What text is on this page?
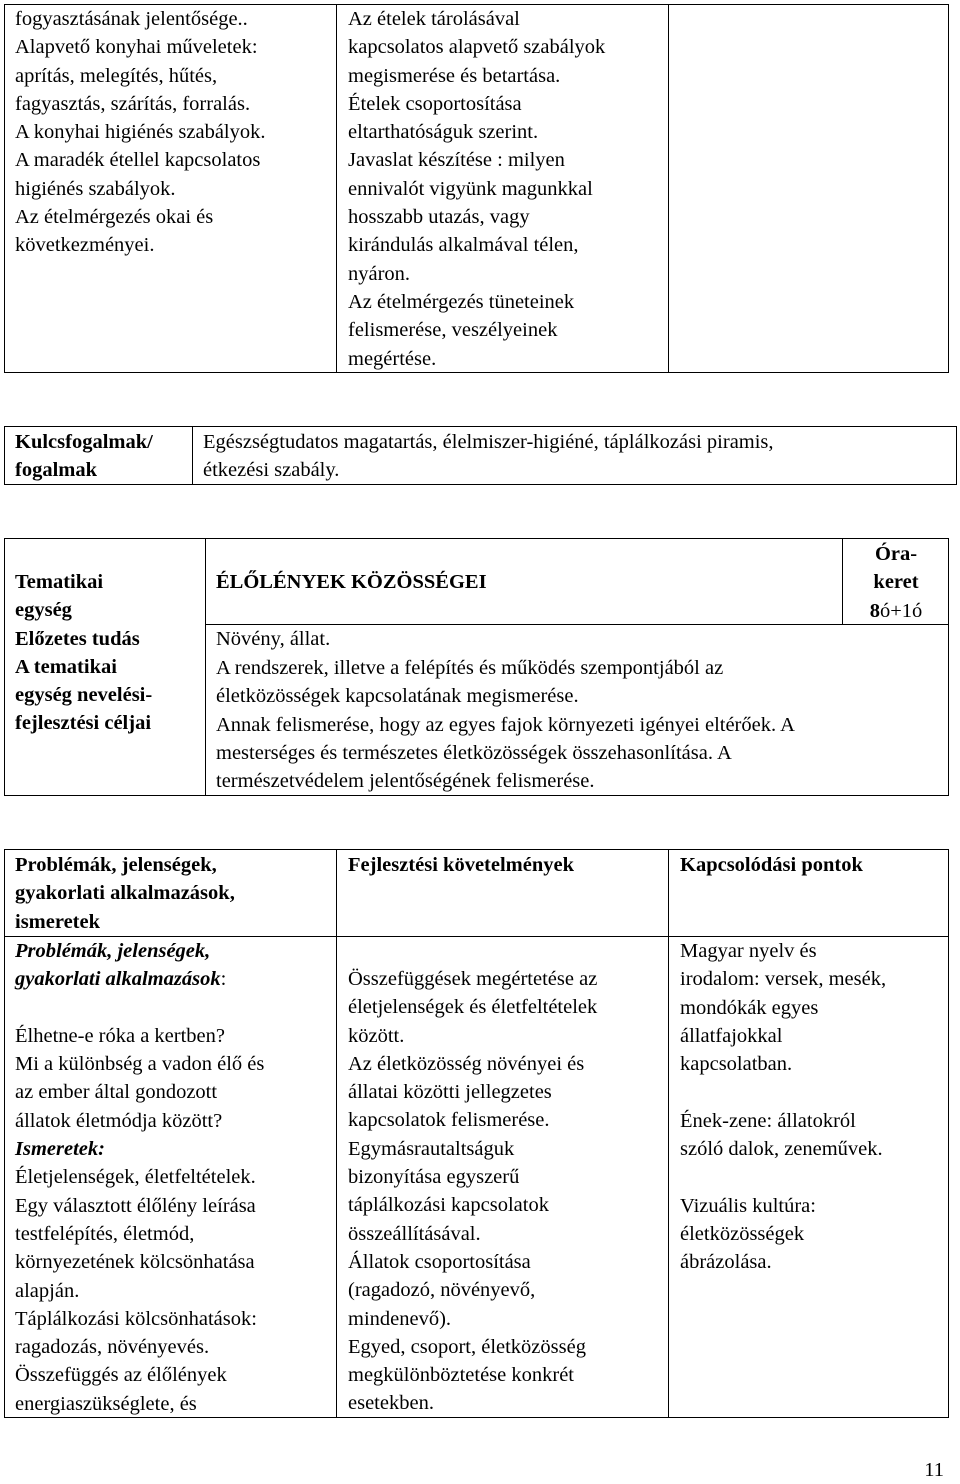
fogyasztásának jelentősége..
Alapvető konyhai műveletek:
aprítás, melegítés, hűtés,
fagyasztás, szárítás, forralás.
A konyhai higiénés szabályok.
A maradék étellel kapcsolatos
higiénés szabályok.
Az ételmérgezés okai és
következményei.
Az ételek tárolásával
kapcsolatos alapvető szabályok
megismerése és betartása.
Ételek csoportosítása
eltarthatóságuk szerint.
Javaslat készítése : milyen
ennivalót vigyünk magunkkal
hosszabb utazás, vagy
kirándulás alkalmával télen,
nyáron.
Az ételmérgezés tüneteinek
felismerése, veszélyeinek
megértése.
Kulcsfogalmak/
fogalmak
Egészségtudatos magatartás, élelmiszer-higiéné, táplálkozási piramis,
étkezési szabály.
Tematikai
egység
Előzetes tudás
A tematikai
egység nevelési-
fejlesztési céljai
ÉLŐLÉNYEK KÖZÖSSÉGEI
Óra-
keret
8ó+1ó
Növény, állat.
A rendszerek, illetve a felépítés és működés szempontjából az
életközösségek kapcsolatának megismerése.
Annak felismerése, hogy az egyes fajok környezeti igényei eltérőek. A
mesterséges és természetes életközösségek összehasonlítása. A
természetvédelem jelentőségének felismerése.
Problémák, jelenségek,
gyakorlati alkalmazások,
ismeretek
Fejlesztési követelmények	Kapcsolódási pontok
Problémák, jelenségek,
gyakorlati alkalmazások:
Élhetne-e róka a kertben?
Mi a különbség a vadon élő és
az ember által gondozott
állatok életmódja között?
Ismeretek:
Életjelenségek, életfeltételek.
Egy választott élőlény leírása
testfelépítés, életmód,
környezetének kölcsönhatása
alapján.
Táplálkozási kölcsönhatások:
ragadozás, növényevés.
Összefüggés az élőlények
energiaszükséglete, és
Összefüggések megértetése az
életjelenségek és életfeltételek
között.
Az életközösség növényei és
állatai közötti jellegzetes
kapcsolatok felismerése.
Egymásrautaltságuk
bizonyítása egyszerű
táplálkozási kapcsolatok
összeállításával.
Állatok csoportosítása
(ragadozó, növényevő,
mindenevő).
Egyed, csoport, életközösség
megkülönböztetése konkrét
esetekben.
Magyar nyelv és
irodalom: versek, mesék,
mondókák egyes
állatfajokkal
kapcsolatban.
Ének-zene: állatokról
szóló dalok, zeneművek.
Vizuális kultúra:
életközösségek
ábrázolása.
11
